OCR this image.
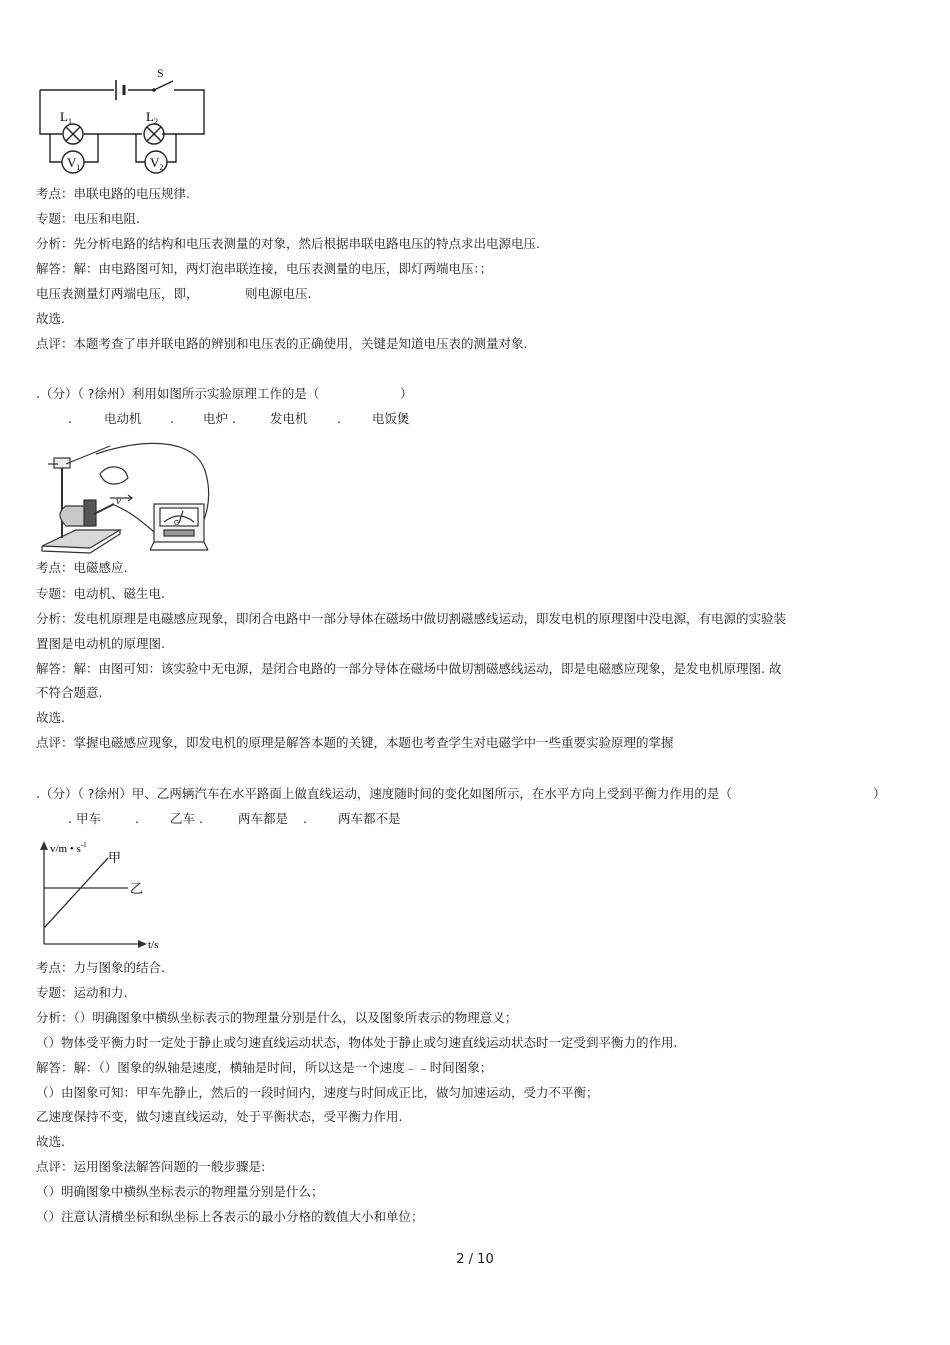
S
$L_1$	$L_2$
$V_1$	$V_2$
考点：串联电路的电压规律.
专题：电压和电阻.
分析：先分析电路的结构和电压表测量的对象，然后根据串联电路电压的特点求出电源电压.
解答：解：由电路图可知，两灯泡串联连接，电压表测量的电压，即灯两端电压：；
电压表测量灯两端电压，即，	则电源电压.
故选.
点评：本题考查了串并联电路的辨别和电压表的正确使用，关键是知道电压表的测量对象.
.（分）（ ?徐州）利用如图所示实验原理工作的是（	）
.	电动机 . 电炉 .	发电机 . 电饭煲
v
G
考点：电磁感应.
专题：电动机、磁生电.
分析：发电机原理是电磁感应现象，即闭合电路中一部分导体在磁场中做切割磁感线运动，即发电机的原理图中没电源，有电源的实验装
置图是电动机的原理图.
解答：解：由图可知：该实验中无电源，是闭合电路的一部分导体在磁场中做切割磁感线运动，即是电磁感应现象，是发电机原理图. 故
不符合题意.
故选.
点评：掌握电磁感应现象，即发电机的原理是解答本题的关键，本题也考查学生对电磁学中一些重要实验原理的掌握
.（分）（ ?徐州）甲、乙两辆汽车在水平路面上做直线运动，速度随时间的变化如图所示，在水平方向上受到平衡力作用的是（	）
. 甲车	. 乙车 .	两车都是 . 两车都不是
v/m • $s^{-1}$
t/s
甲
乙
考点：力与图象的结合.
专题：运动和力.
分析：（）明确图象中横纵坐标表示的物理量分别是什么，以及图象所表示的物理意义；
（）物体受平衡力时一定处于静止或匀速直线运动状态，物体处于静止或匀速直线运动状态时一定受到平衡力的作用.
解答：解：（）图象的纵轴是速度，横轴是时间，所以这是一个速度﹣﹣时间图象；
（）由图象可知：甲车先静止，然后的一段时间内，速度与时间成正比，做匀加速运动，受力不平衡；
乙速度保持不变，做匀速直线运动，处于平衡状态，受平衡力作用.
故选.
点评：运用图象法解答问题的一般步骤是:
（）明确图象中横纵坐标表示的物理量分别是什么；
（）注意认清横坐标和纵坐标上各表示的最小分格的数值大小和单位；
2 / 10
